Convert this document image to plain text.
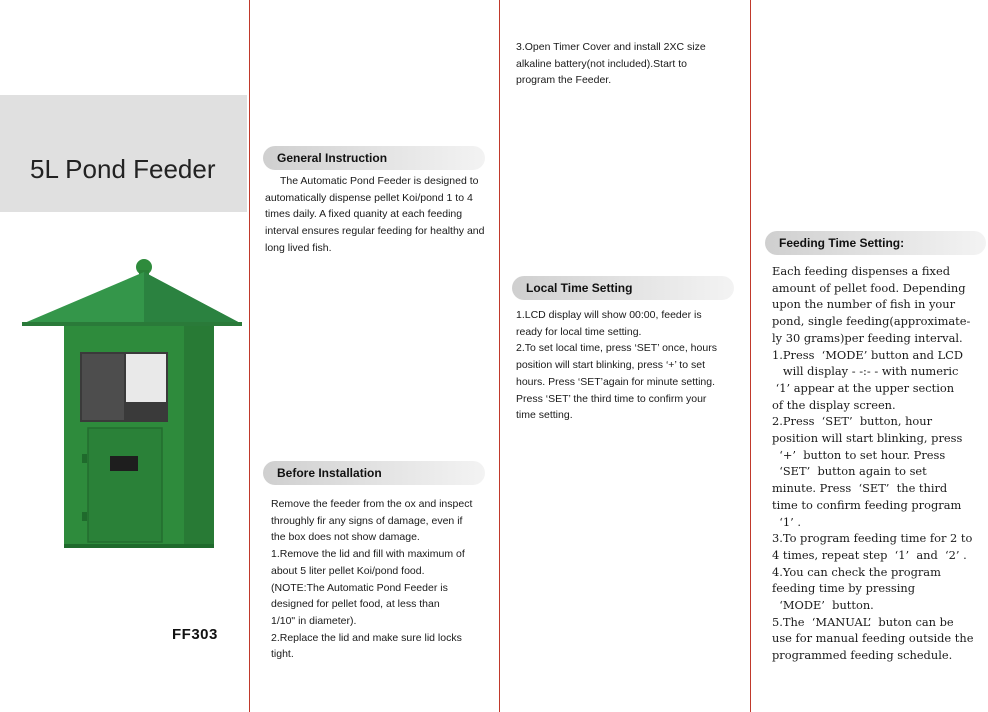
5L Pond Feeder
FF303
General Instruction

The Automatic Pond Feeder is designed to

automatically dispense pellet Koi/pond 1 to 4

times daily. A fixed quanity at each feeding

interval ensures regular feeding for healthy and

long lived fish.

Before Installation

Remove the feeder from the ox and inspect

throughly fir any signs of damage, even if

the box does not show damage.

1.Remove the lid and fill with maximum of

about 5 liter pellet Koi/pond food.

(NOTE:The Automatic Pond Feeder is

designed for pellet food, at less than

1/10" in diameter).

2.Replace the lid and make sure lid locks

tight.

3.Open Timer Cover and install 2XC size

alkaline battery(not included).Start to

program the Feeder.

Local Time Setting

1.LCD display will show 00:00, feeder is

ready for local time setting.

2.To set local time, press ‘SET’ once, hours

position will start blinking, press ‘+’ to set

hours. Press ‘SET’again for minute setting.

Press ‘SET’ the third time to confirm your

time setting.

Feeding Time Setting:

Each feeding dispenses a fixed

amount of pellet food. Depending

upon the number of fish in your

pond, single feeding(approximate-

ly 30 grams)per feeding interval.

1.Press  ‘MODE’ button and LCD

will display - -:- - with numeric

‘1’ appear at the upper section

of the display screen.

2.Press  ‘SET’  button, hour

position will start blinking, press

‘+’  button to set hour. Press

‘SET’  button again to set

minute. Press  ‘SET’  the third

time to confirm feeding program

‘1’ .

3.To program feeding time for 2 to

4 times, repeat step  ‘1’  and  ‘2’ .

4.You can check the program

feeding time by pressing

‘MODE’  button.

5.The  ‘MANUAL’  buton can be

use for manual feeding outside the

programmed feeding schedule.
